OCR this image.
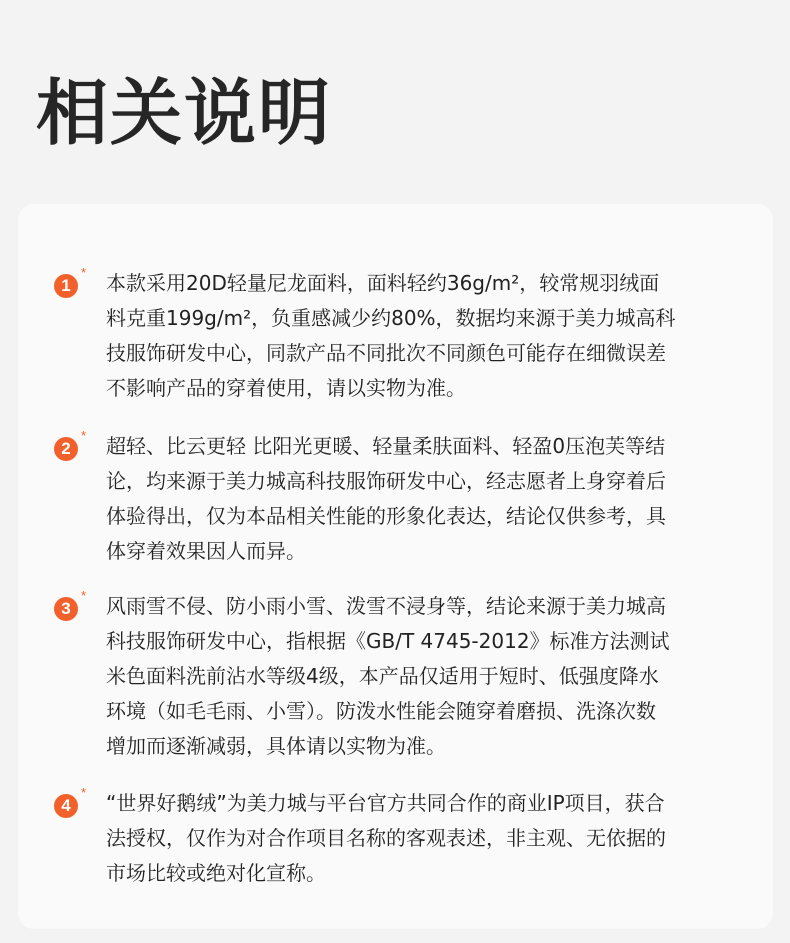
相关说明
1
* 本款采用20D轻量尼龙面料，面料轻约36g/m²，较常规羽绒面
料克重199g/m²，负重感减少约80%，数据均来源于美力城高科
技服饰研发中心，同款产品不同批次不同颜色可能存在细微误差
不影响产品的穿着使用，请以实物为准。

2
* 超轻、比云更轻 比阳光更暖、轻量柔肤面料、轻盈0压泡芙等结
论，均来源于美力城高科技服饰研发中心，经志愿者上身穿着后
体验得出，仅为本品相关性能的形象化表达，结论仅供参考，具
体穿着效果因人而异。

3
* 风雨雪不侵、防小雨小雪、泼雪不浸身等，结论来源于美力城高
科技服饰研发中心，指根据《GB/T 4745-2012》标准方法测试
米色面料洗前沾水等级4级，本产品仅适用于短时、低强度降水
环境（如毛毛雨、小雪）。防泼水性能会随穿着磨损、洗涤次数
增加而逐渐减弱，具体请以实物为准。

4
* “世界好鹅绒”为美力城与平台官方共同合作的商业IP项目，获合
法授权，仅作为对合作项目名称的客观表述，非主观、无依据的
市场比较或绝对化宣称。
